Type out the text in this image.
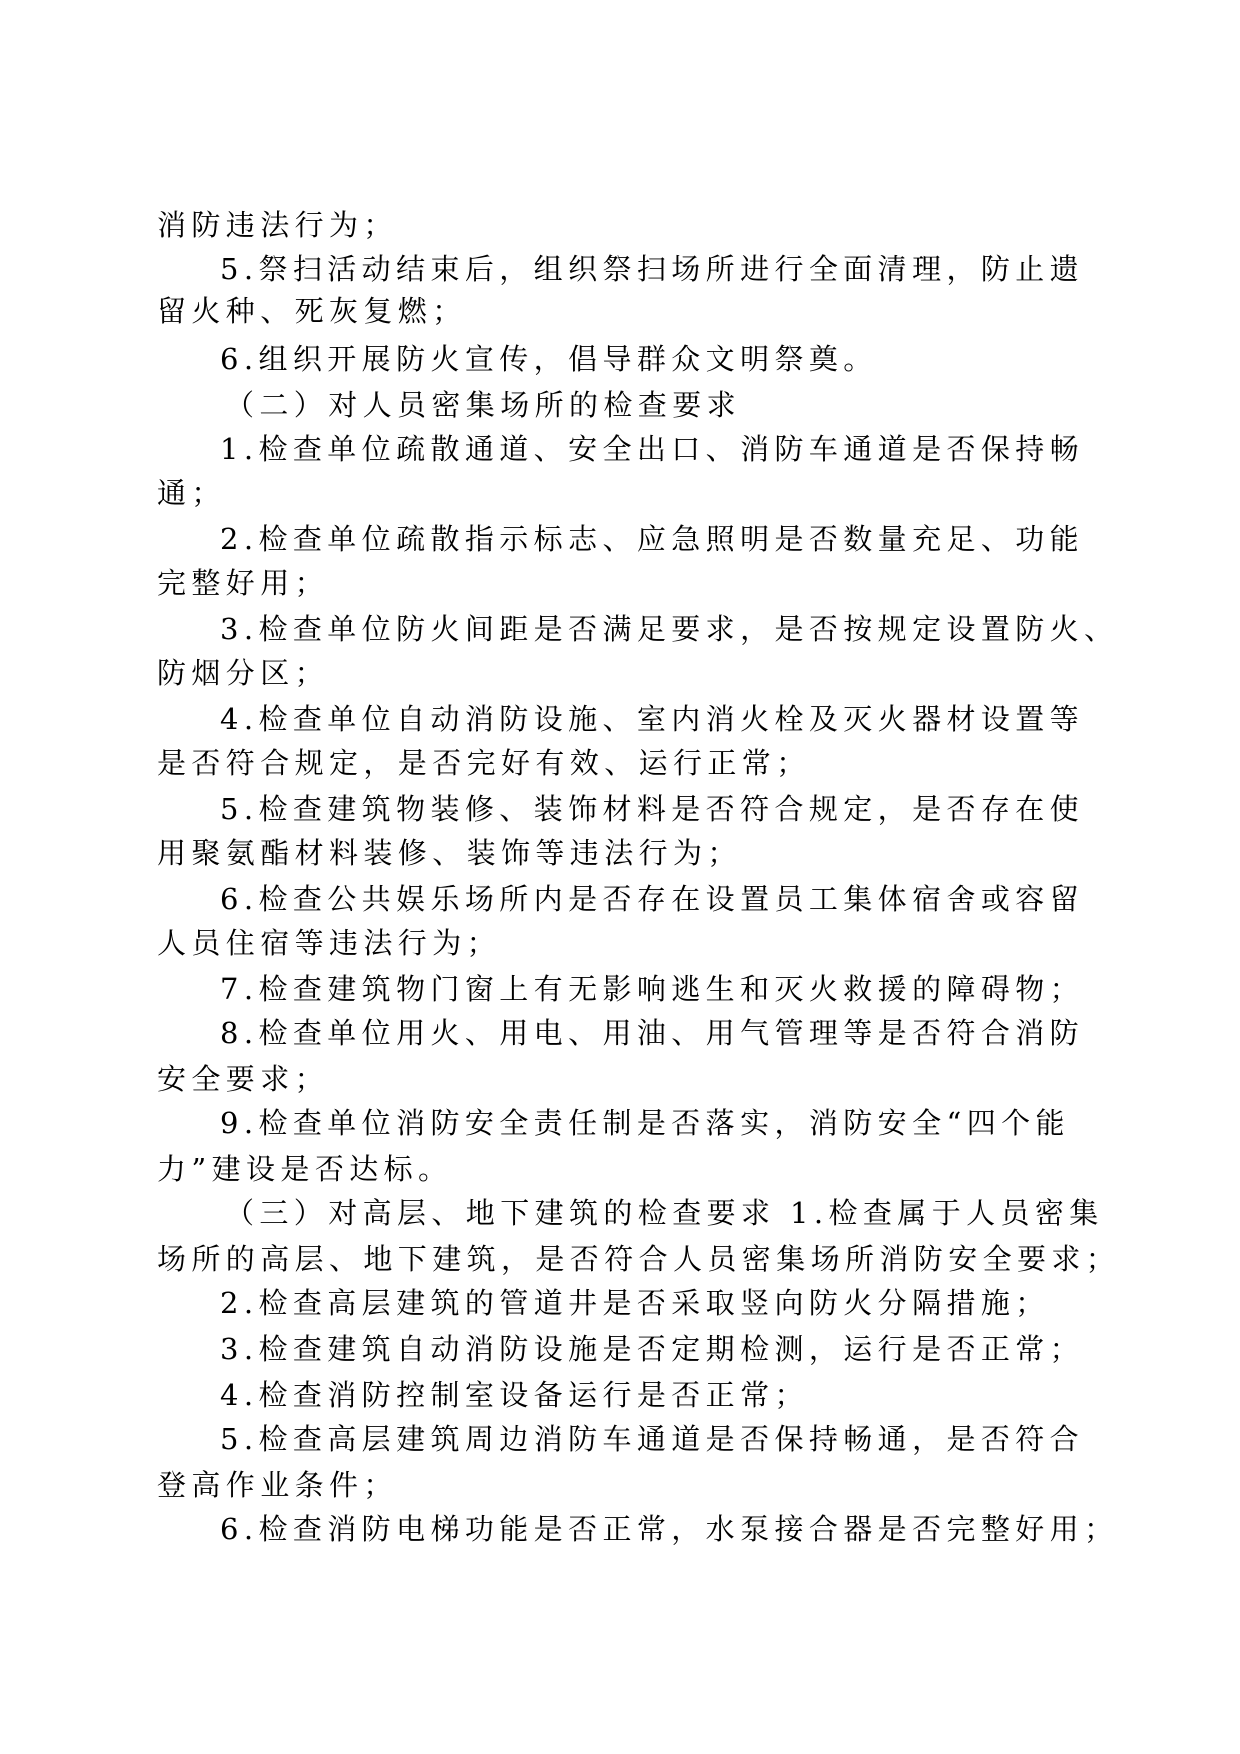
消防违法行为；
5.祭扫活动结束后，组织祭扫场所进行全面清理，防止遗
留火种、死灰复燃；
6.组织开展防火宣传，倡导群众文明祭奠。
（二）对人员密集场所的检查要求
1.检查单位疏散通道、安全出口、消防车通道是否保持畅
通；
2.检查单位疏散指示标志、应急照明是否数量充足、功能
完整好用；
3.检查单位防火间距是否满足要求，是否按规定设置防火、
防烟分区；
4.检查单位自动消防设施、室内消火栓及灭火器材设置等
是否符合规定，是否完好有效、运行正常；
5.检查建筑物装修、装饰材料是否符合规定，是否存在使
用聚氨酯材料装修、装饰等违法行为；
6.检查公共娱乐场所内是否存在设置员工集体宿舍或容留
人员住宿等违法行为；
7.检查建筑物门窗上有无影响逃生和灭火救援的障碍物；
8.检查单位用火、用电、用油、用气管理等是否符合消防
安全要求；
9.检查单位消防安全责任制是否落实，消防安全“四个能
力”建设是否达标。
（三）对高层、地下建筑的检查要求 1.检查属于人员密集
场所的高层、地下建筑，是否符合人员密集场所消防安全要求；
2.检查高层建筑的管道井是否采取竖向防火分隔措施；
3.检查建筑自动消防设施是否定期检测，运行是否正常；
4.检查消防控制室设备运行是否正常；
5.检查高层建筑周边消防车通道是否保持畅通，是否符合
登高作业条件；
6.检查消防电梯功能是否正常，水泵接合器是否完整好用；
